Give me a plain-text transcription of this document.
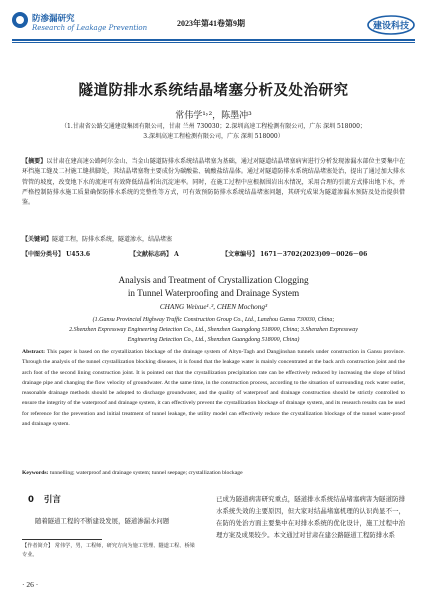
防渗漏研究
Research of Leakage Prevention	2023年第41卷第9期	建设科技
隧道防排水系统结晶堵塞分析及处治研究
常伟学¹˒²，陈墨冲³
（1.甘肃省公路交通建设集团有限公司，甘肃 兰州 730030；2.深圳高速工程检测有限公司，广东 深圳 518000；
3.深圳高速工程检测有限公司，广东 深圳 518000）
【摘要】以甘肃在建高速公路阿尔金山、当金山隧道防排水系统结晶堵塞为基础，通过对隧道结晶堵塞病害进行分析发现渗漏水部位主要集中在环挡施工缝及二衬施工缝拱脚处，其结晶堵塞物主要成份为碳酸盐、硫酸盐结晶体。通过对隧道防排水系统结晶堵塞处治，提出了通过加大排水管管的坡度，改变地下水的流速可有效降低结晶析出沉淀速率。同时，在施工过程中应根据围岩出水情况，采用合理的引流方式排出地下水，并严格控制防排水施工质量确保防排水系统的完整性等方式，可有效预防防排水系统结晶堵塞问题，其研究成果为隧道渗漏水预防及处治提供借鉴。
【关键词】隧道工程，防排水系统，隧道渗水，结晶堵塞
【中图分类号】 U453.6	【文献标志码】 A	【文章编号】 1671－3702(2023)09－0026－06
Analysis and Treatment of Crystallization Clogging
in Tunnel Waterproofing and Drainage System
CHANG Weixue¹˒², CHEN Mochong³
(1.Gansu Provincial Highway Traffic Construction Group Co., Ltd., Lanzhou Gansu 730030, China;
2.Shenzhen Expressway Engineering Detection Co., Ltd., Shenzhen Guangdong 518000, China; 3.Shenzhen Expressway
Engineering Detection Co., Ltd., Shenzhen Guangdong 518000, China)
Abstract: This paper is based on the crystallization blockage of the drainage system of Altyn-Tagh and Dangjinshan tunnels under construction in Gansu province. Through the analysis of the tunnel crystallization blocking diseases, it is found that the leakage water is mainly concentrated at the back arch construction joint and the arch foot of the second lining construction joint. It is pointed out that the crystallization precipitation rate can be effectively reduced by increasing the slope of blind drainage pipe and changing the flow velocity of groundwater. At the same time, in the construction process, according to the situation of surrounding rock water outlet, reasonable drainage methods should be adopted to discharge groundwater, and the quality of waterproof and drainage construction should be strictly controlled to ensure the integrity of the waterproof and drainage system, it can effectively prevent the crystallization blockage of drainage system, and its research results can be used for reference for the prevention and initial treatment of tunnel leakage, the utility model can effectively reduce the crystallization blockage of the tunnel water-proof and drainage system.
Keywords: tunnelling; waterproof and drainage system; tunnel seepage; crystallization blockage
0 引言
随着隧道工程的不断建设发展，隧道渗漏水问题
【作者简介】 常伟学，男，工程师，研究方向为施工管理、隧道工程、桥梁专业。
已成为隧道病害研究重点，隧道排水系统结晶堵塞病害为隧道防排水系统失效的主要原因，但大家对结晶堵塞机理的认识尚显不一，在防的处治方面主要集中在对排水系统的优化设计，施工过程中治理方案及成果较少。本文通过对甘肃在建公路隧道工程防排水系
· 26 ·
